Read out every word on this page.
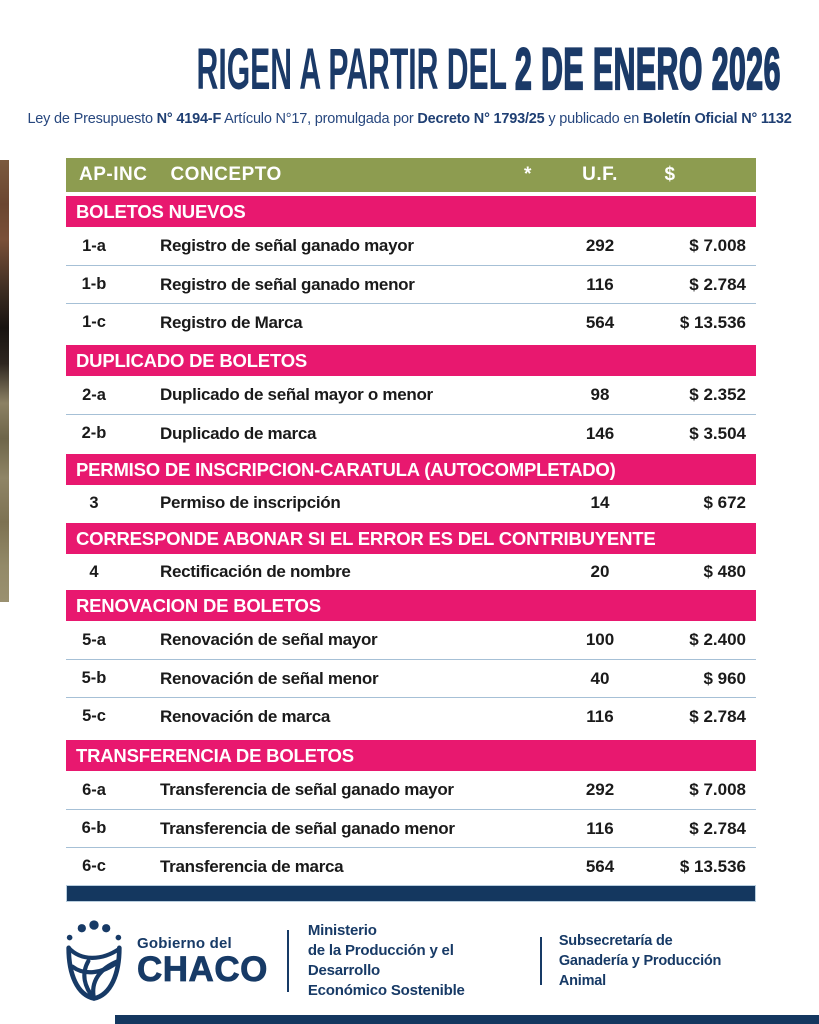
RIGEN A PARTIR DEL 2 DE ENERO 2026

Ley de Presupuesto N° 4194-F Artículo N°17, promulgada por Decreto N° 1793/25 y publicado en Boletín Oficial N° 1132

AP-INC CONCEPTO	*	U.F.	$
BOLETOS NUEVOS
1-a	Registro de señal ganado mayor	292	$ 7.008
1-b	Registro de señal ganado menor	116	$ 2.784
1-c	Registro de Marca	564	$ 13.536
DUPLICADO DE BOLETOS
2-a	Duplicado de señal mayor o menor	98	$ 2.352
2-b	Duplicado de marca	146	$ 3.504
PERMISO DE INSCRIPCION-CARATULA (AUTOCOMPLETADO)
3	Permiso de inscripción	14	$ 672
CORRESPONDE ABONAR SI EL ERROR ES DEL CONTRIBUYENTE
4	Rectificación de nombre	20	$ 480
RENOVACION DE BOLETOS
5-a	Renovación de señal mayor	100	$ 2.400
5-b	Renovación de señal menor	40	$ 960
5-c	Renovación de marca	116	$ 2.784
TRANSFERENCIA DE BOLETOS
6-a	Transferencia de señal ganado mayor	292	$ 7.008
6-b	Transferencia de señal ganado menor	116	$ 2.784
6-c	Transferencia de marca	564	$ 13.536
Gobierno del
CHACO
Ministerio
de la Producción y el Desarrollo
Económico Sostenible
Subsecretaría de
Ganadería y Producción Animal
